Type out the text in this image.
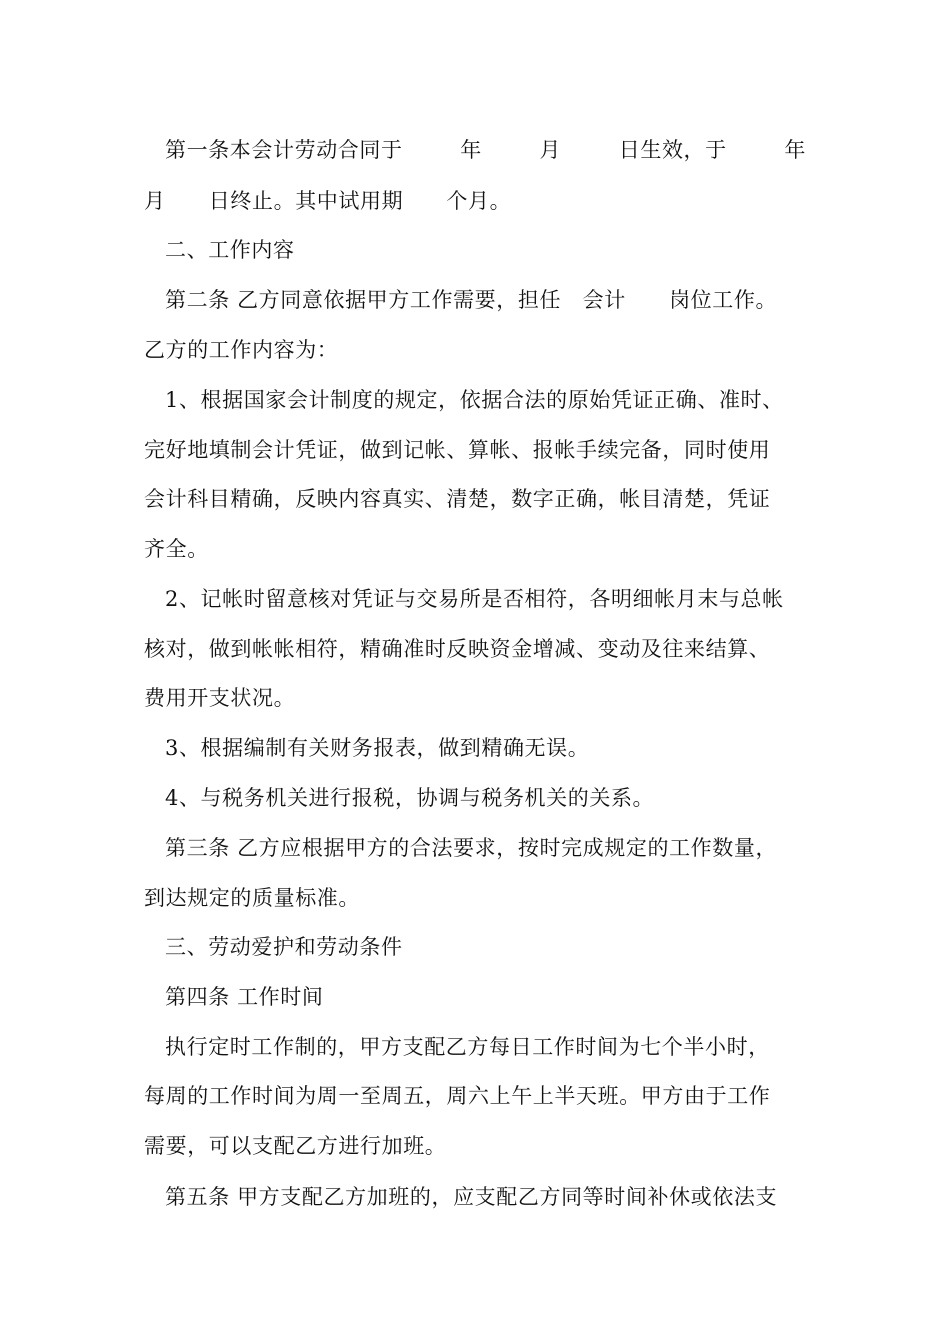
第一条本会计劳动合同于	年	月	日生效，于	年
月　　日终止。其中试用期　　个月。
二、工作内容
第二条 乙方同意依据甲方工作需要，担任　会计　　岗位工作。
乙方的工作内容为：
1、根据国家会计制度的规定，依据合法的原始凭证正确、准时、
完好地填制会计凭证，做到记帐、算帐、报帐手续完备，同时使用
会计科目精确，反映内容真实、清楚，数字正确，帐目清楚，凭证
齐全。
2、记帐时留意核对凭证与交易所是否相符，各明细帐月末与总帐
核对，做到帐帐相符，精确准时反映资金增减、变动及往来结算、
费用开支状况。
3、根据编制有关财务报表，做到精确无误。
4、与税务机关进行报税，协调与税务机关的关系。
第三条 乙方应根据甲方的合法要求，按时完成规定的工作数量，
到达规定的质量标准。
三、劳动爱护和劳动条件
第四条 工作时间
执行定时工作制的，甲方支配乙方每日工作时间为七个半小时，
每周的工作时间为周一至周五，周六上午上半天班。甲方由于工作
需要，可以支配乙方进行加班。
第五条 甲方支配乙方加班的，应支配乙方同等时间补休或依法支
